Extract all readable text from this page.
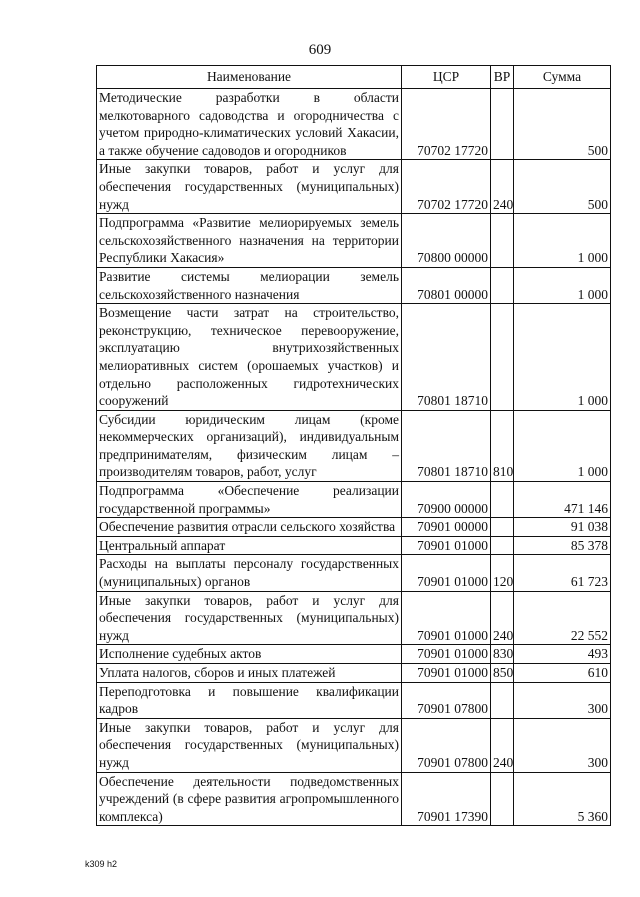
609
Наименование	ЦСР	ВР	Сумма
Методические разработки в области мелкотоварного садоводства и огородничества с учетом природно-климатических условий Хакасии, а также обучение садоводов и огородников	70702 17720		500
Иные закупки товаров, работ и услуг для обеспечения государственных (муниципальных) нужд	70702 17720	240	500
Подпрограмма «Развитие мелиорируемых земель сельскохозяйственного назначения на территории Республики Хакасия»	70800 00000		1 000
Развитие системы мелиорации земель сельскохозяйственного назначения	70801 00000		1 000
Возмещение части затрат на строительство, реконструкцию, техническое перевооружение, эксплуатацию внутрихозяйственных мелиоративных систем (орошаемых участков) и отдельно расположенных гидротехнических сооружений	70801 18710		1 000
Субсидии юридическим лицам (кроме некоммерческих организаций), индивидуальным предпринимателям, физическим лицам – производителям товаров, работ, услуг	70801 18710	810	1 000
Подпрограмма «Обеспечение реализации государственной программы»	70900 00000		471 146
Обеспечение развития отрасли сельского хозяйства	70901 00000		91 038
Центральный аппарат	70901 01000		85 378
Расходы на выплаты персоналу государственных (муниципальных) органов	70901 01000	120	61 723
Иные закупки товаров, работ и услуг для обеспечения государственных (муниципальных) нужд	70901 01000	240	22 552
Исполнение судебных актов	70901 01000	830	493
Уплата налогов, сборов и иных платежей	70901 01000	850	610
Переподготовка и повышение квалификации кадров	70901 07800		300
Иные закупки товаров, работ и услуг для обеспечения государственных (муниципальных) нужд	70901 07800	240	300
Обеспечение деятельности подведомственных учреждений (в сфере развития агропромышленного комплекса)	70901 17390		5 360
k309 h2
